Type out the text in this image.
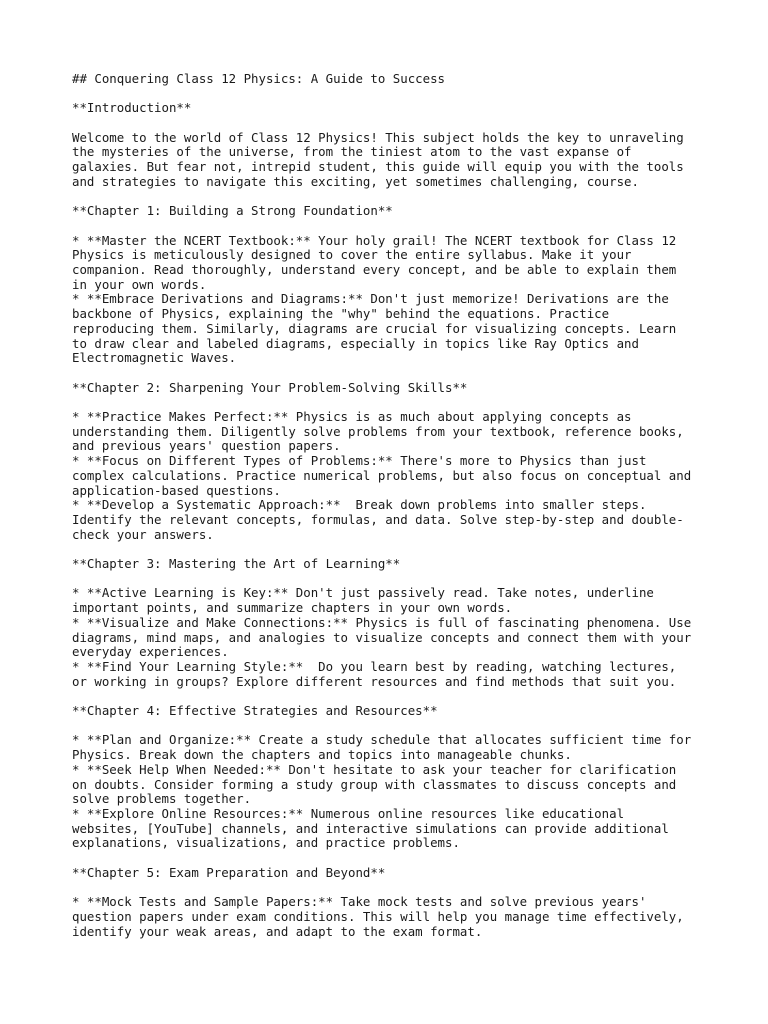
## Conquering Class 12 Physics: A Guide to Success
**Introduction**
Welcome to the world of Class 12 Physics! This subject holds the key to unraveling
the mysteries of the universe, from the tiniest atom to the vast expanse of
galaxies. But fear not, intrepid student, this guide will equip you with the tools
and strategies to navigate this exciting, yet sometimes challenging, course.
**Chapter 1: Building a Strong Foundation**
* **Master the NCERT Textbook:** Your holy grail! The NCERT textbook for Class 12
Physics is meticulously designed to cover the entire syllabus. Make it your
companion. Read thoroughly, understand every concept, and be able to explain them
in your own words.
* **Embrace Derivations and Diagrams:** Don't just memorize! Derivations are the
backbone of Physics, explaining the "why" behind the equations. Practice
reproducing them. Similarly, diagrams are crucial for visualizing concepts. Learn
to draw clear and labeled diagrams, especially in topics like Ray Optics and
Electromagnetic Waves.
**Chapter 2: Sharpening Your Problem-Solving Skills**
* **Practice Makes Perfect:** Physics is as much about applying concepts as
understanding them. Diligently solve problems from your textbook, reference books,
and previous years' question papers.
* **Focus on Different Types of Problems:** There's more to Physics than just
complex calculations. Practice numerical problems, but also focus on conceptual and
application-based questions.
* **Develop a Systematic Approach:**  Break down problems into smaller steps.
Identify the relevant concepts, formulas, and data. Solve step-by-step and double-
check your answers.
**Chapter 3: Mastering the Art of Learning**
* **Active Learning is Key:** Don't just passively read. Take notes, underline
important points, and summarize chapters in your own words.
* **Visualize and Make Connections:** Physics is full of fascinating phenomena. Use
diagrams, mind maps, and analogies to visualize concepts and connect them with your
everyday experiences.
* **Find Your Learning Style:**  Do you learn best by reading, watching lectures,
or working in groups? Explore different resources and find methods that suit you.
**Chapter 4: Effective Strategies and Resources**
* **Plan and Organize:** Create a study schedule that allocates sufficient time for
Physics. Break down the chapters and topics into manageable chunks.
* **Seek Help When Needed:** Don't hesitate to ask your teacher for clarification
on doubts. Consider forming a study group with classmates to discuss concepts and
solve problems together.
* **Explore Online Resources:** Numerous online resources like educational
websites, [YouTube] channels, and interactive simulations can provide additional
explanations, visualizations, and practice problems.
**Chapter 5: Exam Preparation and Beyond**
* **Mock Tests and Sample Papers:** Take mock tests and solve previous years'
question papers under exam conditions. This will help you manage time effectively,
identify your weak areas, and adapt to the exam format.
